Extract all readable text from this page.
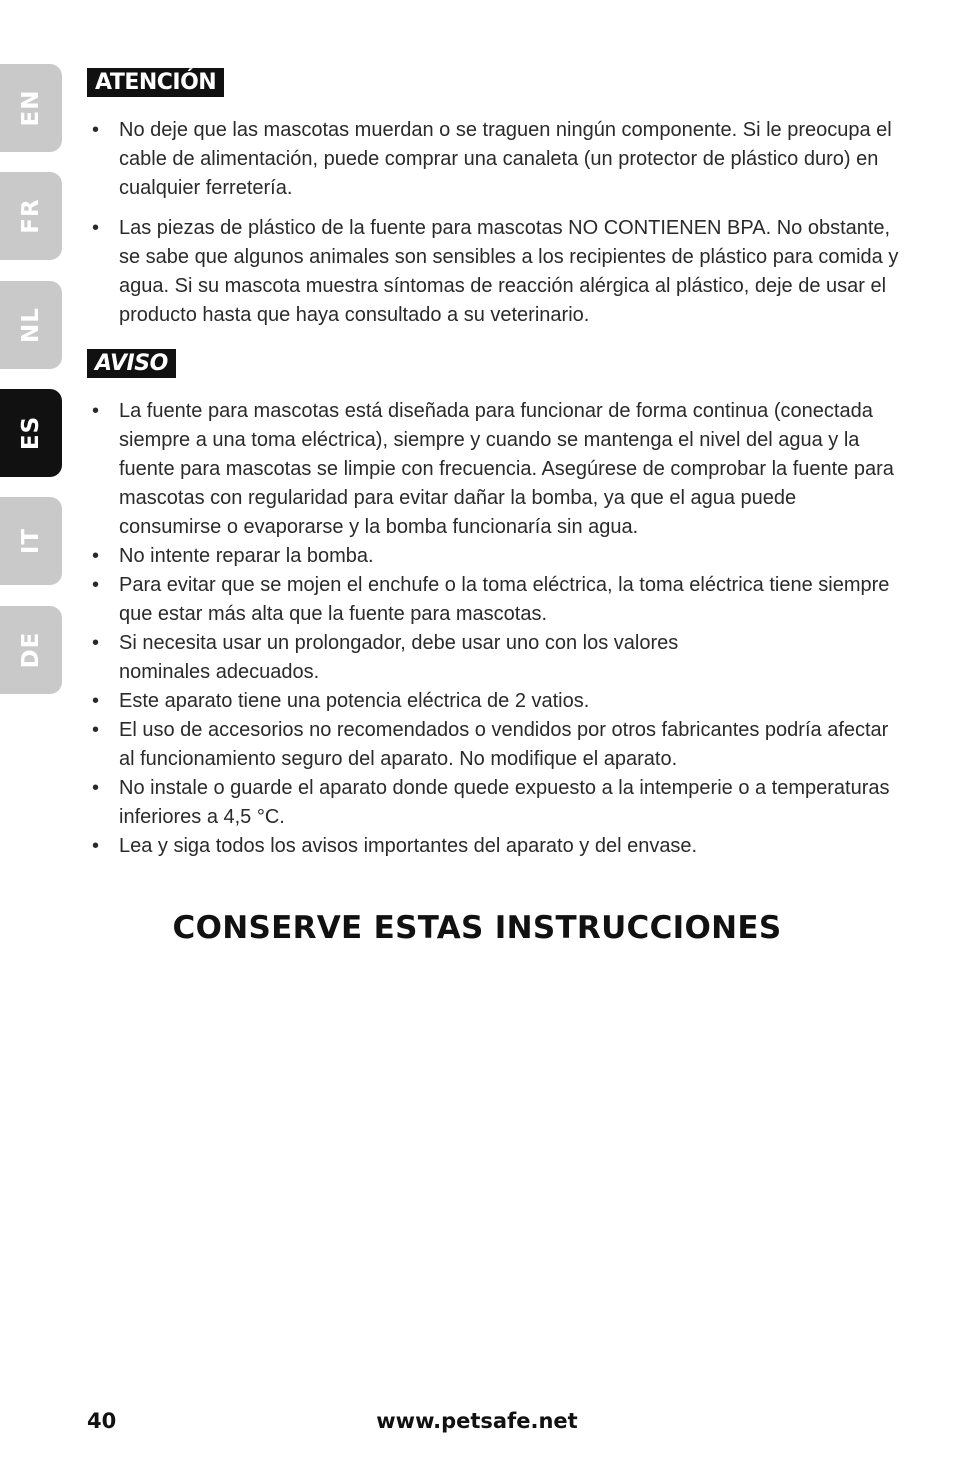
EN
FR
NL
ES
IT
DE
ATENCIÓN
• No deje que las mascotas muerdan o se traguen ningún componente. Si le preocupa el cable de alimentación, puede comprar una canaleta (un protector de plástico duro) en cualquier ferretería.
• Las piezas de plástico de la fuente para mascotas NO CONTIENEN BPA. No obstante, se sabe que algunos animales son sensibles a los recipientes de plástico para comida y agua. Si su mascota muestra síntomas de reacción alérgica al plástico, deje de usar el producto hasta que haya consultado a su veterinario.
AVISO
• La fuente para mascotas está diseñada para funcionar de forma continua (conectada siempre a una toma eléctrica), siempre y cuando se mantenga el nivel del agua y la fuente para mascotas se limpie con frecuencia. Asegúrese de comprobar la fuente para mascotas con regularidad para evitar dañar la bomba, ya que el agua puede consumirse o evaporarse y la bomba funcionaría sin agua.
• No intente reparar la bomba.
• Para evitar que se mojen el enchufe o la toma eléctrica, la toma eléctrica tiene siempre que estar más alta que la fuente para mascotas.
• Si necesita usar un prolongador, debe usar uno con los valores nominales adecuados.
• Este aparato tiene una potencia eléctrica de 2 vatios.
• El uso de accesorios no recomendados o vendidos por otros fabricantes podría afectar al funcionamiento seguro del aparato. No modifique el aparato.
• No instale o guarde el aparato donde quede expuesto a la intemperie o a temperaturas inferiores a 4,5 °C.
• Lea y siga todos los avisos importantes del aparato y del envase.
CONSERVE ESTAS INSTRUCCIONES
40	www.petsafe.net
